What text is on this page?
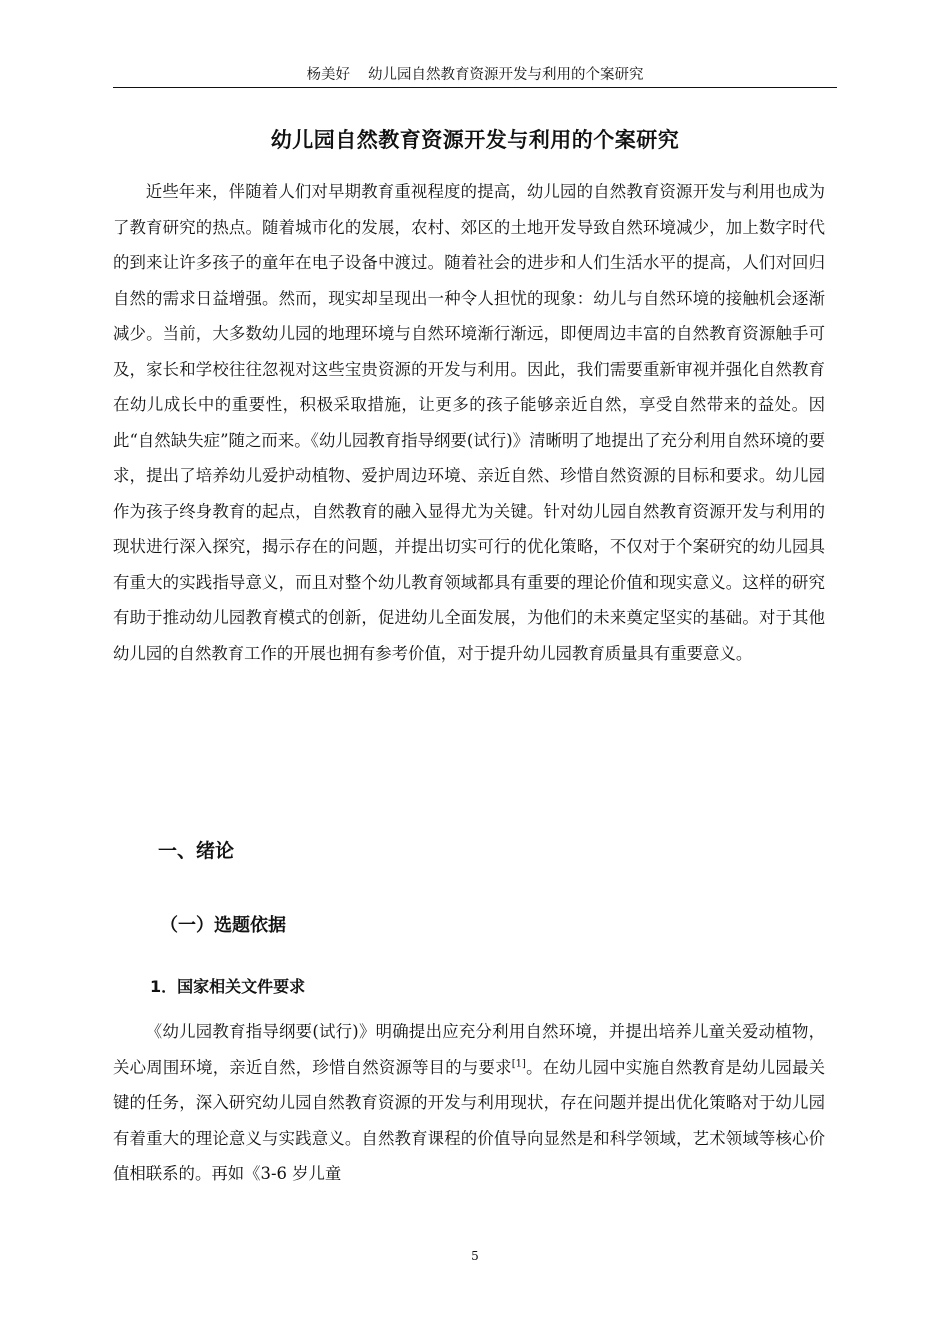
杨美好 幼儿园自然教育资源开发与利用的个案研究
幼儿园自然教育资源开发与利用的个案研究

近些年来，伴随着人们对早期教育重视程度的提高，幼儿园的自然教育资源开发与利用也成为了教育研究的热点。随着城市化的发展，农村、郊区的土地开发导致自然环境减少，加上数字时代的到来让许多孩子的童年在电子设备中渡过。随着社会的进步和人们生活水平的提高，人们对回归自然的需求日益增强。然而，现实却呈现出一种令人担忧的现象：幼儿与自然环境的接触机会逐渐减少。当前，大多数幼儿园的地理环境与自然环境渐行渐远，即便周边丰富的自然教育资源触手可及，家长和学校往往忽视对这些宝贵资源的开发与利用。因此，我们需要重新审视并强化自然教育在幼儿成长中的重要性，积极采取措施，让更多的孩子能够亲近自然，享受自然带来的益处。因此“自然缺失症”随之而来。《幼儿园教育指导纲要(试行)》清晰明了地提出了充分利用自然环境的要求，提出了培养幼儿爱护动植物、爱护周边环境、亲近自然、珍惜自然资源的目标和要求。幼儿园作为孩子终身教育的起点，自然教育的融入显得尤为关键。针对幼儿园自然教育资源开发与利用的现状进行深入探究，揭示存在的问题，并提出切实可行的优化策略，不仅对于个案研究的幼儿园具有重大的实践指导意义，而且对整个幼儿教育领域都具有重要的理论价值和现实意义。这样的研究有助于推动幼儿园教育模式的创新，促进幼儿全面发展，为他们的未来奠定坚实的基础。对于其他幼儿园的自然教育工作的开展也拥有参考价值，对于提升幼儿园教育质量具有重要意义。

一、绪论
（一）选题依据
1．国家相关文件要求

《幼儿园教育指导纲要(试行)》明确提出应充分利用自然环境，并提出培养儿童关爱动植物，关心周围环境，亲近自然，珍惜自然资源等目的与要求[1]。在幼儿园中实施自然教育是幼儿园最关键的任务，深入研究幼儿园自然教育资源的开发与利用现状，存在问题并提出优化策略对于幼儿园有着重大的理论意义与实践意义。自然教育课程的价值导向显然是和科学领域，艺术领域等核心价值相联系的。再如《3-6 岁儿童

5
